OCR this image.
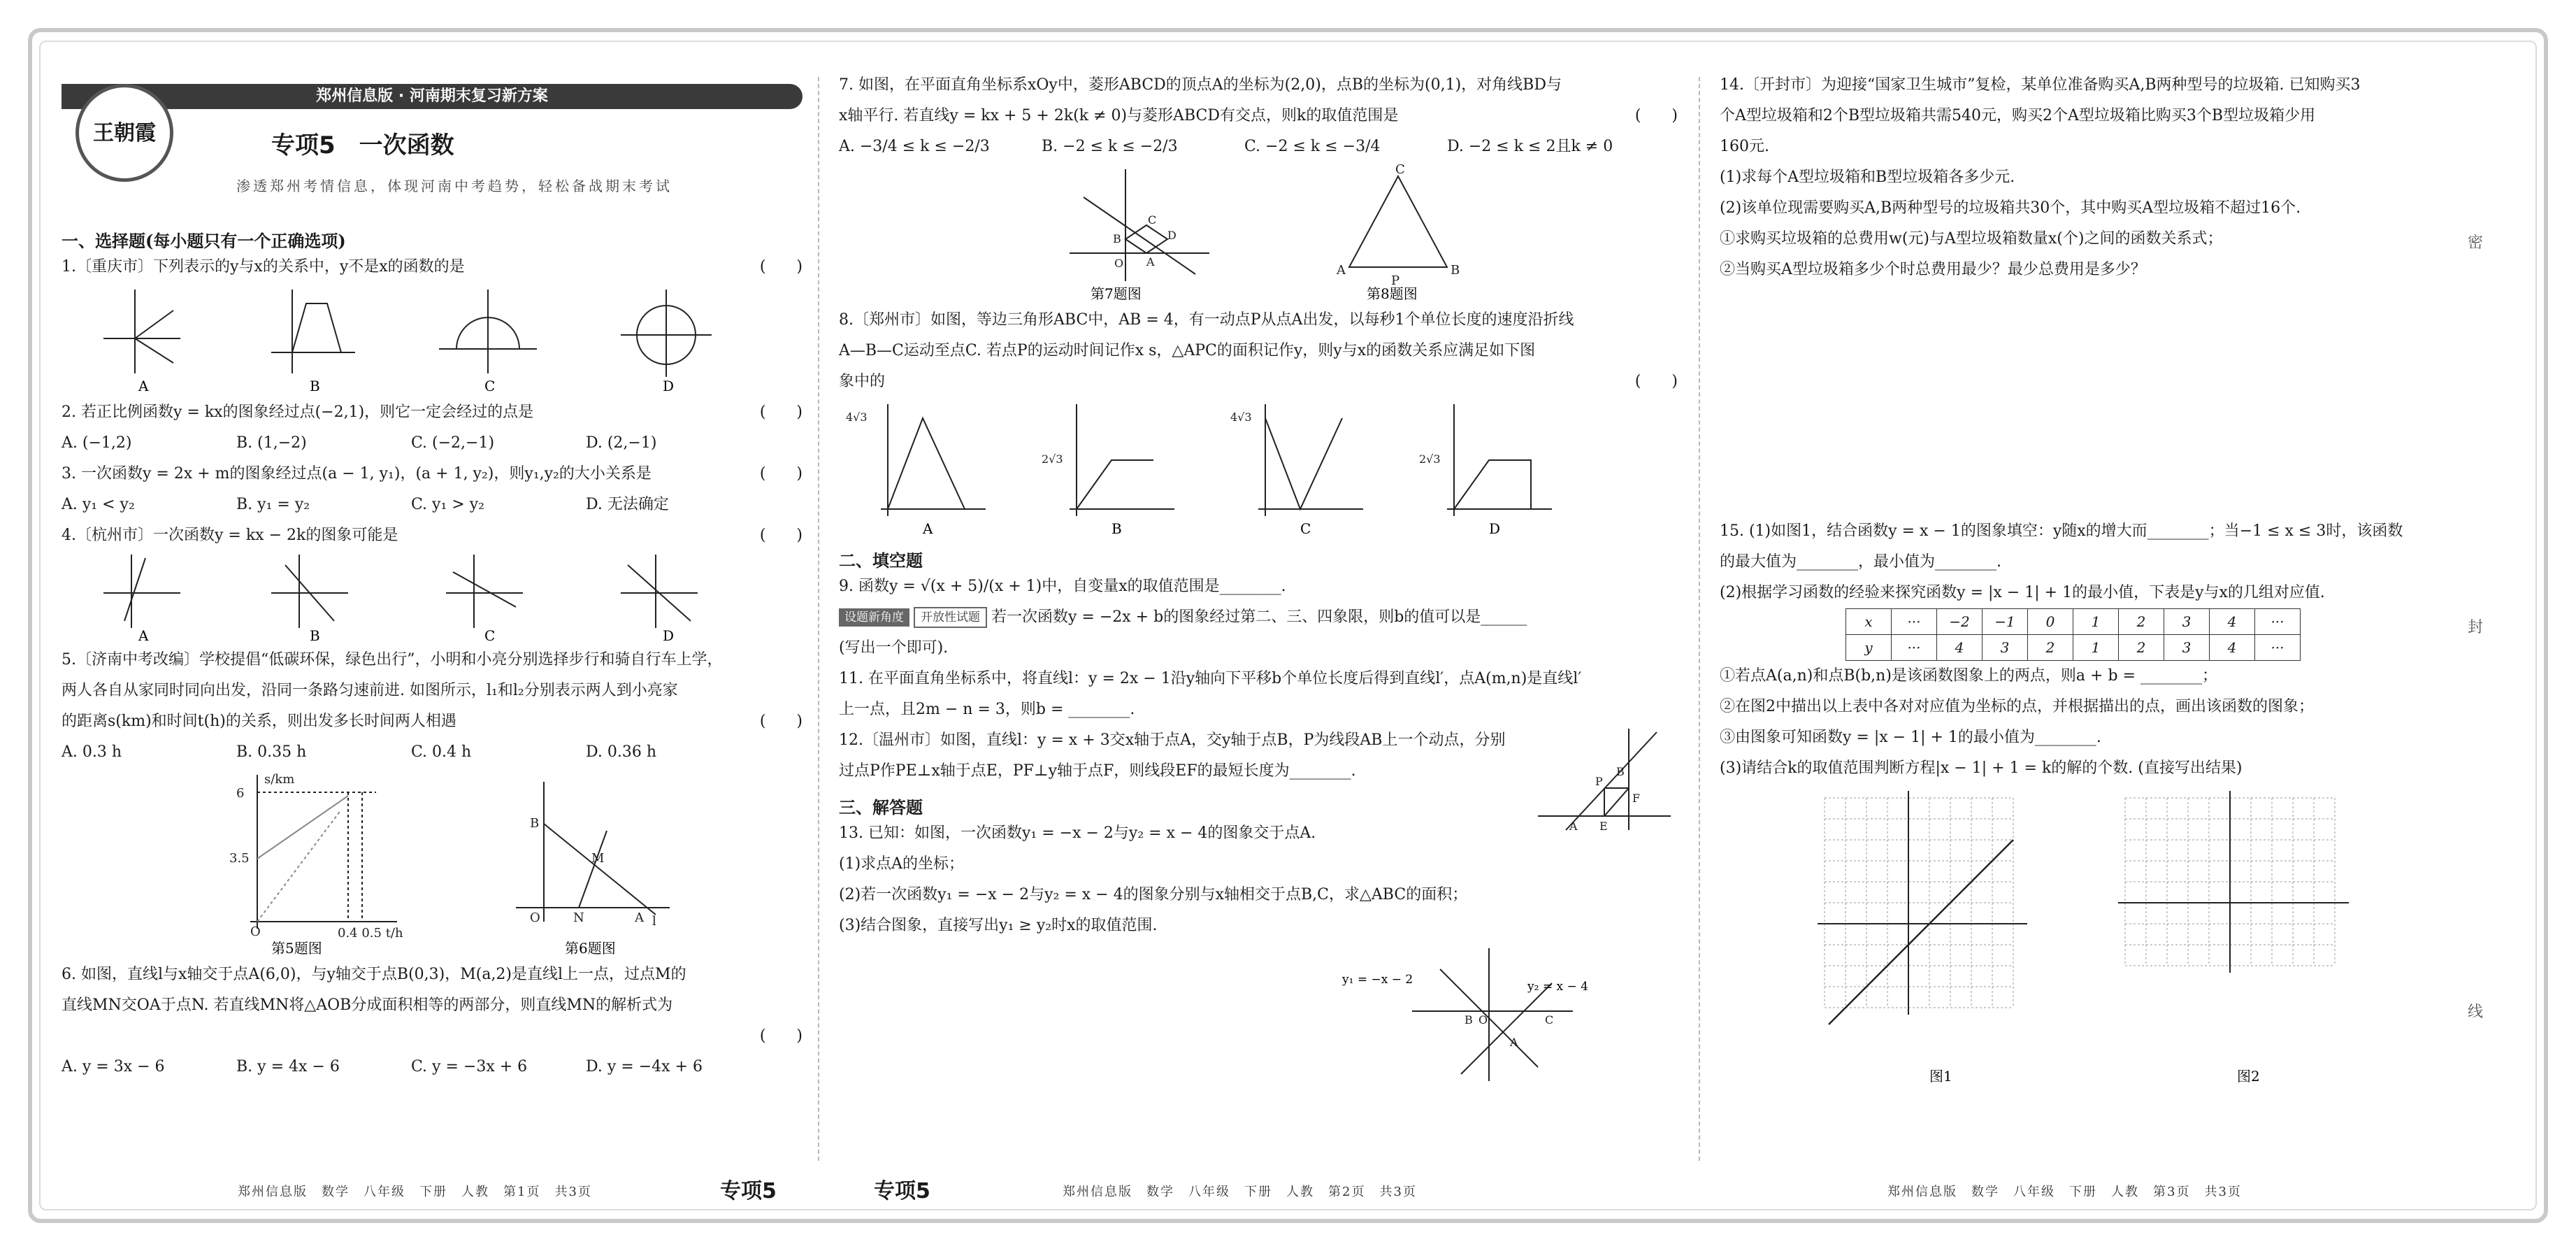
郑州信息版 · 河南期末复习新方案
王朝霞	专项5　一次函数
渗透郑州考情信息，体现河南中考趋势，轻松备战期末考试

一、选择题(每小题只有一个正确选项)

1.〔重庆市〕下列表示的y与x的关系中，y不是x的函数的是	(　　)

A	B	C	D

2. 若正比例函数y = kx的图象经过点(−2,1)，则它一定会经过的点是	(　　)

A. (−1,2)	B. (1,−2)	C. (−2,−1)	D. (2,−1)

3. 一次函数y = 2x + m的图象经过点(a − 1, y₁)，(a + 1, y₂)，则y₁,y₂的大小关系是	(　　)

A. y₁ < y₂	B. y₁ = y₂	C. y₁ > y₂	D. 无法确定

4.〔杭州市〕一次函数y = kx − 2k的图象可能是	(　　)

A	B	C	D

5.〔济南中考改编〕学校提倡“低碳环保，绿色出行”，小明和小亮分别选择步行和骑自行车上学，

两人各自从家同时同向出发，沿同一条路匀速前进. 如图所示，l₁和l₂分别表示两人到小亮家

的距离s(km)和时间t(h)的关系，则出发多长时间两人相遇	(　　)

A. 0.3 h	B. 0.35 h	C. 0.4 h	D. 0.36 h

6
3.5
O	0.4 0.5 t/h
s/km
第5题图
B
M
O	N	A l
第6题图

6. 如图，直线l与x轴交于点A(6,0)，与y轴交于点B(0,3)，M(a,2)是直线l上一点，过点M的

直线MN交OA于点N. 若直线MN将△AOB分成面积相等的两部分，则直线MN的解析式为

(　　)

A. y = 3x − 6	B. y = 4x − 6	C. y = −3x + 6	D. y = −4x + 6

7. 如图，在平面直角坐标系xOy中，菱形ABCD的顶点A的坐标为(2,0)，点B的坐标为(0,1)，对角线BD与

x轴平行. 若直线y = kx + 5 + 2k(k ≠ 0)与菱形ABCD有交点，则k的取值范围是	(　　)

A. −3/4 ≤ k ≤ −2/3	B. −2 ≤ k ≤ −2/3	C. −2 ≤ k ≤ −3/4	D. −2 ≤ k ≤ 2且k ≠ 0

B
A
D
C
O
第7题图
A	B
C
P
第8题图

8.〔郑州市〕如图，等边三角形ABC中，AB = 4，有一动点P从点A出发，以每秒1个单位长度的速度沿折线

A—B—C运动至点C. 若点P的运动时间记作x s，△APC的面积记作y，则y与x的函数关系应满足如下图

象中的	(　　)

4√3
2√3
4√3
2√3
A	B	C	D

二、填空题

9. 函数y = √(x + 5)/(x + 1)中，自变量x的取值范围是________.

设题新角度 开放性试题 若一次函数y = −2x + b的图象经过第二、三、四象限，则b的值可以是______

(写出一个即可).

11. 在平面直角坐标系中，将直线l：y = 2x − 1沿y轴向下平移b个单位长度后得到直线l′，点A(m,n)是直线l′

上一点，且2m − n = 3，则b = ________.

12.〔温州市〕如图，直线l：y = x + 3交x轴于点A，交y轴于点B，P为线段AB上一个动点，分别

过点P作PE⊥x轴于点E，PF⊥y轴于点F，则线段EF的最短长度为________.

P
F
A E
B

三、解答题

13. 已知：如图，一次函数y₁ = −x − 2与y₂ = x − 4的图象交于点A.

(1)求点A的坐标；

(2)若一次函数y₁ = −x − 2与y₂ = x − 4的图象分别与x轴相交于点B,C，求△ABC的面积；

(3)结合图象，直接写出y₁ ≥ y₂时x的取值范围.

B O	C
A
y₁ = −x − 2	y₂ = x − 4

14.〔开封市〕为迎接“国家卫生城市”复检，某单位准备购买A,B两种型号的垃圾箱. 已知购买3

个A型垃圾箱和2个B型垃圾箱共需540元，购买2个A型垃圾箱比购买3个B型垃圾箱少用

160元.

(1)求每个A型垃圾箱和B型垃圾箱各多少元.

(2)该单位现需要购买A,B两种型号的垃圾箱共30个，其中购买A型垃圾箱不超过16个.

①求购买垃圾箱的总费用w(元)与A型垃圾箱数量x(个)之间的函数关系式；

②当购买A型垃圾箱多少个时总费用最少？最少总费用是多少？

15. (1)如图1，结合函数y = x − 1的图象填空：y随x的增大而________；当−1 ≤ x ≤ 3时，该函数

的最大值为________，最小值为________.

(2)根据学习函数的经验来探究函数y = |x − 1| + 1的最小值，下表是y与x的几组对应值.

x	···	−2	−1	0	1	2	3	4	···
y	···	4	3	2	1	2	3	4	···

①若点A(a,n)和点B(b,n)是该函数图象上的两点，则a + b = ________；

②在图2中描出以上表中各对对应值为坐标的点，并根据描出的点，画出该函数的图象；

③由图象可知函数y = |x − 1| + 1的最小值为________.

(3)请结合k的取值范围判断方程|x − 1| + 1 = k的解的个数. (直接写出结果)

图1	图2
密
封
线
郑州信息版　数学　八年级　下册　人教　第1页　共3页	专项5	专项5	郑州信息版　数学　八年级　下册　人教　第2页　共3页	郑州信息版　数学　八年级　下册　人教　第3页　共3页
